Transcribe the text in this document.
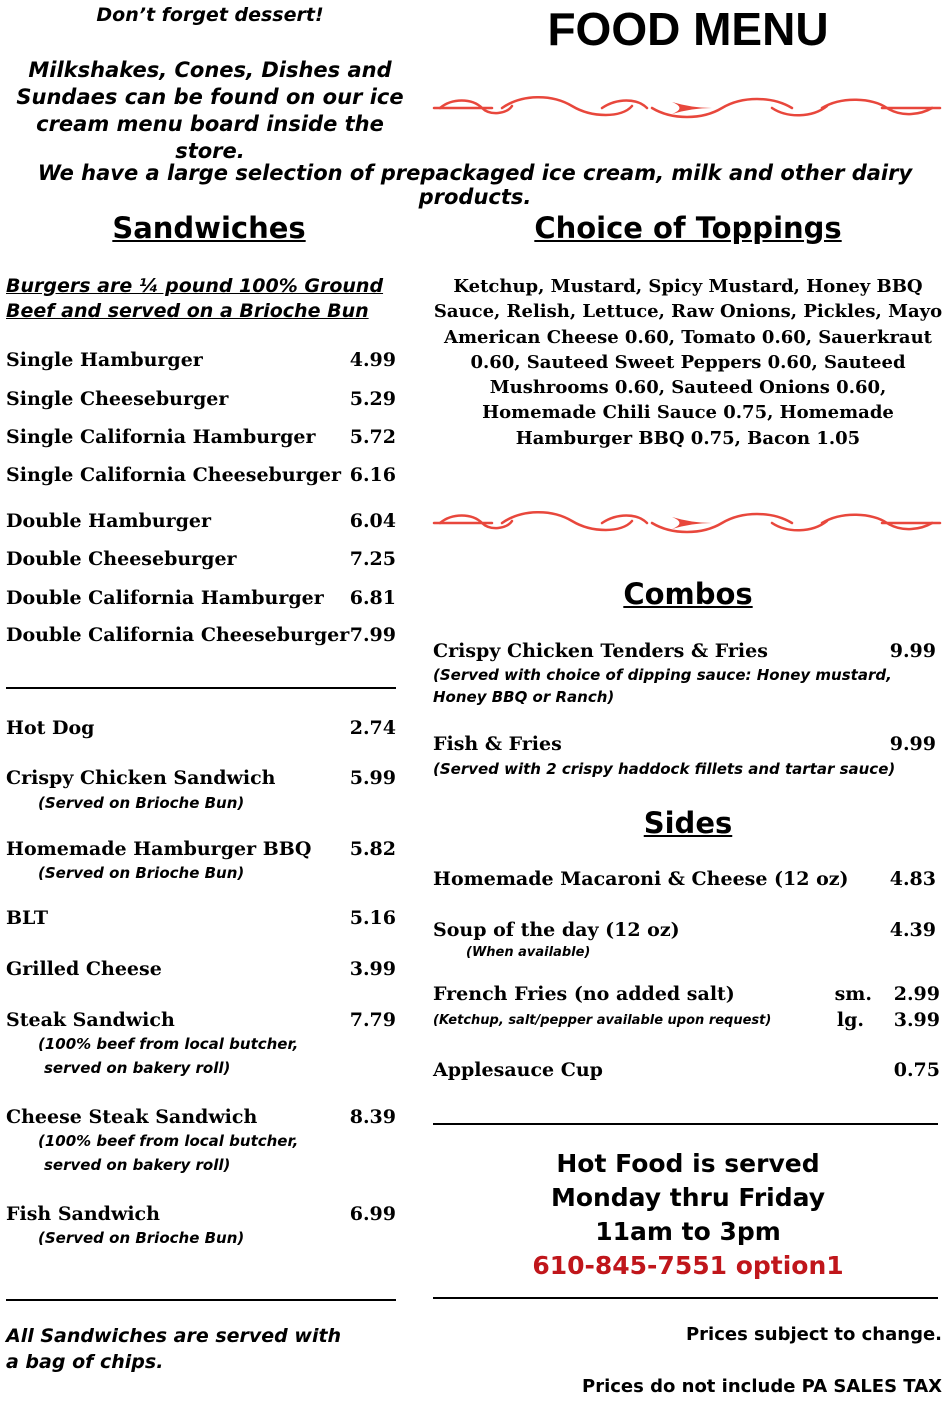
Don’t forget dessert!
Milkshakes, Cones, Dishes and
Sundaes can be found on our ice
cream menu board inside the store.
FOOD MENU
We have a large selection of prepackaged ice cream, milk and other dairy products.
Sandwiches
Burgers are ¼ pound 100% Ground
Beef and served on a Brioche Bun
Single Hamburger	4.99
Single Cheeseburger	5.29
Single California Hamburger	5.72
Single California Cheeseburger 6.16
Double Hamburger	6.04
Double Cheeseburger	7.25
Double California Hamburger	6.81
Double California Cheeseburger 7.99
Hot Dog	2.74
Crispy Chicken Sandwich	5.99
(Served on Brioche Bun)
Homemade Hamburger BBQ	5.82
(Served on Brioche Bun)
BLT	5.16
Grilled Cheese	3.99
Steak Sandwich	7.79
(100% beef from local butcher,
served on bakery roll)
Cheese Steak Sandwich	8.39
(100% beef from local butcher,
served on bakery roll)
Fish Sandwich	6.99
(Served on Brioche Bun)
All Sandwiches are served with
a bag of chips.
Choice of Toppings
Ketchup, Mustard, Spicy Mustard, Honey BBQ
Sauce, Relish, Lettuce, Raw Onions, Pickles, Mayo
American Cheese 0.60, Tomato 0.60, Sauerkraut
0.60, Sauteed Sweet Peppers 0.60, Sauteed
Mushrooms 0.60, Sauteed Onions 0.60,
Homemade Chili Sauce 0.75, Homemade
Hamburger BBQ 0.75, Bacon 1.05
Combos
Crispy Chicken Tenders & Fries	9.99
(Served with choice of dipping sauce: Honey mustard,
Honey BBQ or Ranch)
Fish & Fries	9.99
(Served with 2 crispy haddock fillets and tartar sauce)
Sides
Homemade Macaroni & Cheese (12 oz)	4.83
Soup of the day (12 oz)	4.39
(When available)
French Fries (no added salt)	sm.	2.99
(Ketchup, salt/pepper available upon request)	lg.	3.99
Applesauce Cup	0.75
Hot Food is served
Monday thru Friday
11am to 3pm
610-845-7551 option1
Prices subject to change.
Prices do not include PA SALES TAX
